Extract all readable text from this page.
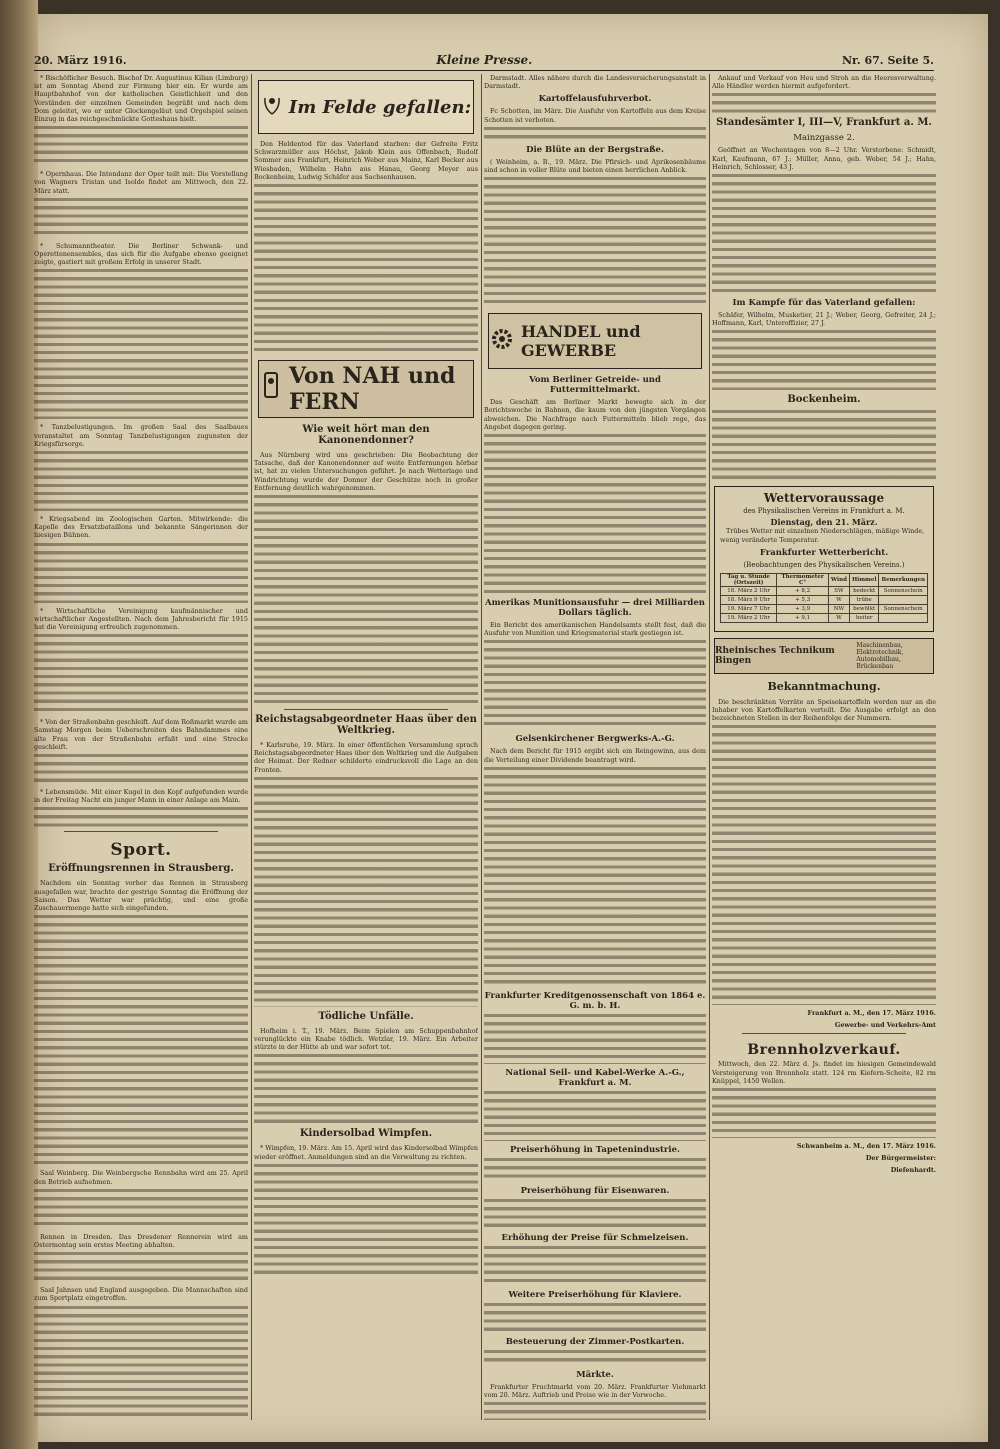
20. März 1916.	Kleine Presse.	Nr. 67. Seite 5.

* Bischöflicher Besuch. Bischof Dr. Augustinus Kilian (Limburg) ist am Sonntag Abend zur Firmung hier ein. Er wurde am Hauptbahnhof von der katholischen Geistlichkeit und den Vorständen der einzelnen Gemeinden begrüßt und nach dem Dom geleitet, wo er unter Glockengeläut und Orgelspiel seinen Einzug in das reichgeschmückte Gotteshaus hielt.

* Opernhaus. Die Intendanz der Oper teilt mit: Die Vorstellung von Wagners Tristan und Isolde findet am Mittwoch, den 22. März statt.

* Schumanntheater. Die Berliner Schwank- und Operettenensembles, das sich für die Aufgabe ebenso geeignet zeigte, gastiert mit großem Erfolg in unserer Stadt.

* Tanzbelustigungen. Im großen Saal des Saalbaues veranstaltet am Sonntag Tanzbelustigungen zugunsten der Kriegsfürsorge.

* Kriegsabend im Zoologischen Garten. Mitwirkende: die Kapelle des Ersatzbataillons und bekannte Sängerinnen der hiesigen Bühnen.

* Wirtschaftliche Vereinigung kaufmännischer und wirtschaftlicher Angestellten. Nach dem Jahresbericht für 1915 hat die Vereinigung erfreulich zugenommen.

* Von der Straßenbahn geschleift. Auf dem Roßmarkt wurde am Samstag Morgen beim Ueberschreiten des Bahndammes eine alte Frau von der Straßenbahn erfaßt und eine Strecke geschleift.

* Lebensmüde. Mit einer Kugel in den Kopf aufgefunden wurde in der Freitag Nacht ein junger Mann in einer Anlage am Main.

Sport.
Eröffnungsrennen in Strausberg.

Nachdem ein Sonntag vorher das Rennen in Strausberg ausgefallen war, brachte der gestrige Sonntag die Eröffnung der Saison. Das Wetter war prächtig, und eine große Zuschauermenge hatte sich eingefunden.

Saal Weinberg. Die Weinbergsche Rennbahn wird am 25. April den Betrieb aufnehmen.

Rennen in Dresden. Das Dresdener Rennerein wird am Ostermontag sein erstes Meeting abhalten.

Saal Jahnsen und England ausgegeben. Die Mannschaften sind zum Sportplatz eingetroffen.

Im Felde gefallen:

Den Heldentod für das Vaterland starben: der Gefreite Fritz Schwarzmüller aus Höchst, Jakob Klein aus Offenbach, Rudolf Sommer aus Frankfurt, Heinrich Weber aus Mainz, Karl Becker aus Wiesbaden, Wilhelm Hahn aus Hanau, Georg Meyer aus Bockenheim, Ludwig Schäfer aus Sachsenhausen.

Von NAH und FERN
Wie weit hört man den Kanonendonner?

Aus Nürnberg wird uns geschrieben: Die Beobachtung der Tatsache, daß der Kanonendonner auf weite Entfernungen hörbar ist, hat zu vielen Untersuchungen geführt. Je nach Wetterlage und Windrichtung wurde der Donner der Geschütze noch in großer Entfernung deutlich wahrgenommen.

Reichstagsabgeordneter Haas über den Weltkrieg.

* Karlsruhe, 19. März. In einer öffentlichen Versammlung sprach Reichstagsabgeordneter Haas über den Weltkrieg und die Aufgaben der Heimat. Der Redner schilderte eindrucksvoll die Lage an den Fronten.

Tödliche Unfälle.

Hofheim i. T., 19. März. Beim Spielen am Schuppenbahnhof verunglückte ein Knabe tödlich. Wetzlar, 19. März. Ein Arbeiter stürzte in der Hütte ab und war sofort tot.

Kindersolbad Wimpfen.

* Wimpfen, 19. März. Am 15. April wird das Kindersolbad Wimpfen wieder eröffnet. Anmeldungen sind an die Verwaltung zu richten.

Darmstadt. Alles nähere durch die Landesversicherungsanstalt in Darmstadt.

Kartoffelausfuhrverbot.

Fc Schotten, im März. Die Ausfuhr von Kartoffeln aus dem Kreise Schotten ist verboten.

Die Blüte an der Bergstraße.

( Weinheim, a. B., 19. März. Die Pfirsich- und Aprikosenbäume sind schon in voller Blüte und bieten einen herrlichen Anblick.

HANDEL und GEWERBE
Vom Berliner Getreide- und Futtermittelmarkt.

Das Geschäft am Berliner Markt bewegte sich in der Berichtswoche in Bahnen, die kaum von den jüngsten Vorgängen abweichen. Die Nachfrage nach Futtermitteln blieb rege, das Angebot dagegen gering.

Amerikas Munitionsausfuhr — drei Milliarden Dollars täglich.

Ein Bericht des amerikanischen Handelsamts stellt fest, daß die Ausfuhr von Munition und Kriegsmaterial stark gestiegen ist.

Gelsenkirchener Bergwerks-A.-G.

Nach dem Bericht für 1915 ergibt sich ein Reingewinn, aus dem die Verteilung einer Dividende beantragt wird.

Frankfurter Kreditgenossenschaft von 1864 e. G. m. b. H.
National Seil- und Kabel-Werke A.-G., Frankfurt a. M.
Preiserhöhung in Tapetenindustrie.
Preiserhöhung für Eisenwaren.
Erhöhung der Preise für Schmelzeisen.
Weitere Preiserhöhung für Klaviere.
Besteuerung der Zimmer-Postkarten.
Märkte.

Frankfurter Fruchtmarkt vom 20. März. Frankfurter Viehmarkt vom 20. März. Auftrieb und Preise wie in der Vorwoche.

Ankauf und Verkauf von Heu und Stroh an die Heeresverwaltung. Alle Händler werden hiermit aufgefordert.

Standesämter I, III—V, Frankfurt a. M.
Mainzgasse 2.

Geöffnet an Wochentagen von 8—2 Uhr. Verstorbene: Schmidt, Karl, Kaufmann, 67 J.; Müller, Anna, geb. Weber, 54 J.; Hahn, Heinrich, Schlosser, 43 J.

Im Kampfe für das Vaterland gefallen:

Schäfer, Wilhelm, Musketier, 21 J.; Weber, Georg, Gefreiter, 24 J.; Hoffmann, Karl, Unteroffizier, 27 J.

Bockenheim.
Wettervoraussage
des Physikalischen Vereins in Frankfurt a. M.
Dienstag, den 21. März.

Trübes Wetter mit einzelnen Niederschlägen, mäßige Winde, wenig veränderte Temperatur.

Frankfurter Wetterbericht.
(Beobachtungen des Physikalischen Vereins.)
Tag u. Stunde (Ortszeit)	Thermometer C°	Wind	Himmel	Bemerkungen
18. März 2 Uhr	+ 8,2	SW	bedeckt	Sonnenschein
18. März 9 Uhr	+ 5,3	W	trübe	
19. März 7 Uhr	+ 3,9	NW	bewölkt	Sonnenschein
19. März 2 Uhr	+ 9,1	W	heiter	
Rheinisches Technikum Bingen
Maschinenbau, Elektrotechnik, Automobilbau, Brückenbau
Bekanntmachung.

Die beschränkten Vorräte an Speisekartoffeln werden nur an die Inhaber von Kartoffelkarten verteilt. Die Ausgabe erfolgt an den bezeichneten Stellen in der Reihenfolge der Nummern.

Frankfurt a. M., den 17. März 1916.
Gewerbe- und Verkehrs-Amt
Brennholzverkauf.

Mittwoch, den 22. März d. Js. findet im hiesigen Gemeindewald Versteigerung von Brennholz statt. 124 rm Kiefern-Scheite, 82 rm Knüppel, 1450 Wellen.

Schwanheim a. M., den 17. März 1916.
Der Bürgermeister:
Diefenhardt.
